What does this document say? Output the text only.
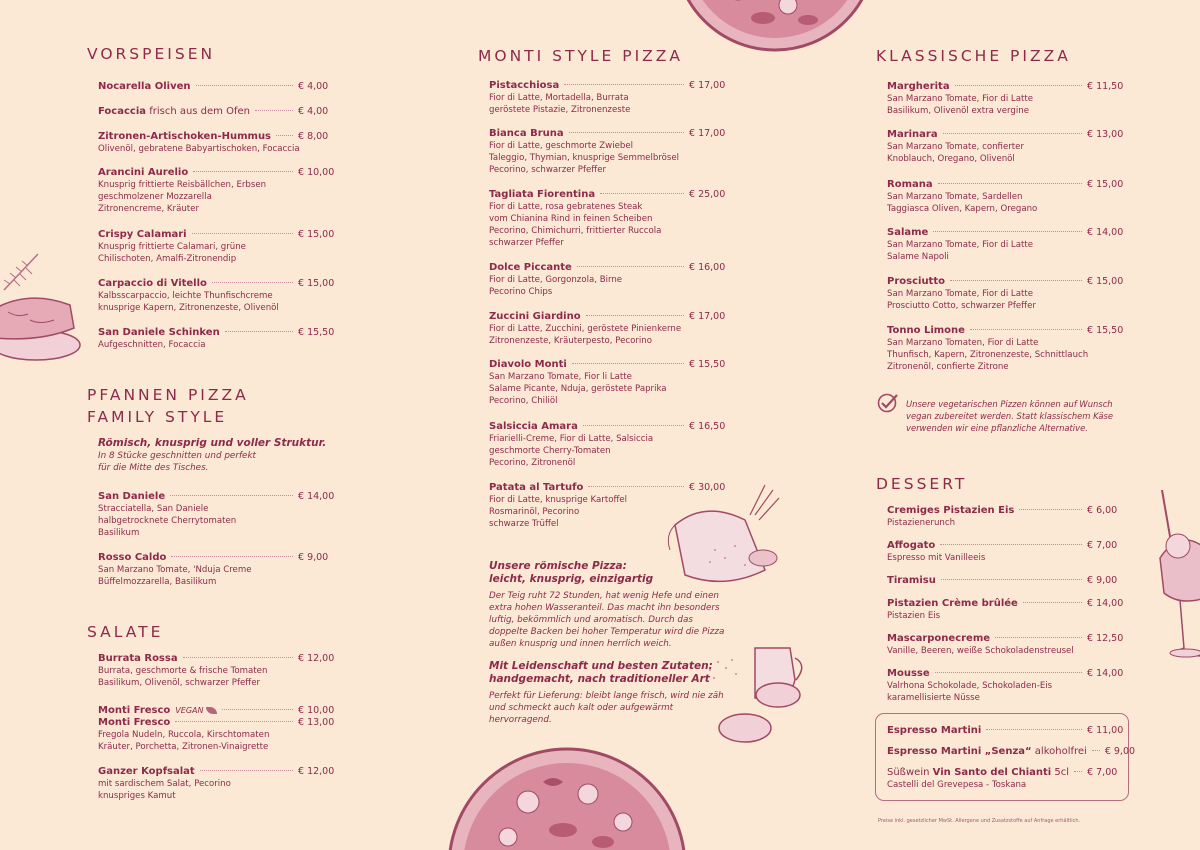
VORSPEISEN
Nocarella Oliven	€ 4,00
Focaccia frisch aus dem Ofen	€ 4,00
Zitronen-Artischoken-Hummus	€ 8,00
Olivenöl, gebratene Babyartischoken, Focaccia
Arancini Aurelio	€ 10,00
Knusprig frittierte Reisbällchen, Erbsen
geschmolzener Mozzarella
Zitronencreme, Kräuter
Crispy Calamari	€ 15,00
Knusprig frittierte Calamari, grüne
Chilischoten, Amalfi-Zitronendip
Carpaccio di Vitello	€ 15,00
Kalbsscarpaccio, leichte Thunfischcreme
knusprige Kapern, Zitronenzeste, Olivenöl
San Daniele Schinken	€ 15,50
Aufgeschnitten, Focaccia
PFANNEN PIZZA
FAMILY STYLE
Römisch, knusprig und voller Struktur.
In 8 Stücke geschnitten und perfekt
für die Mitte des Tisches.
San Daniele	€ 14,00
Stracciatella, San Daniele
halbgetrocknete Cherrytomaten
Basilikum
Rosso Caldo	€ 9,00
San Marzano Tomate, 'Nduja Creme
Büffelmozzarella, Basilikum
SALATE
Burrata Rossa	€ 12,00
Burrata, geschmorte & frische Tomaten
Basilikum, Olivenöl, schwarzer Pfeffer
Monti Fresco VEGAN	€ 10,00
Monti Fresco	€ 13,00
Fregola Nudeln, Ruccola, Kirschtomaten
Kräuter, Porchetta, Zitronen-Vinaigrette
Ganzer Kopfsalat	€ 12,00
mit sardischem Salat, Pecorino
knuspriges Kamut
MONTI STYLE PIZZA
Pistacchiosa	€ 17,00
Fior di Latte, Mortadella, Burrata
geröstete Pistazie, Zitronenzeste
Bianca Bruna	€ 17,00
Fior di Latte, geschmorte Zwiebel
Taleggio, Thymian, knusprige Semmelbrösel
Pecorino, schwarzer Pfeffer
Tagliata Fiorentina	€ 25,00
Fior di Latte, rosa gebratenes Steak
vom Chianina Rind in feinen Scheiben
Pecorino, Chimichurri, frittierter Ruccola
schwarzer Pfeffer
Dolce Piccante	€ 16,00
Fior di Latte, Gorgonzola, Birne
Pecorino Chips
Zuccini Giardino	€ 17,00
Fior di Latte, Zucchini, geröstete Pinienkerne
Zitronenzeste, Kräuterpesto, Pecorino
Diavolo Monti	€ 15,50
San Marzano Tomate, Fior li Latte
Salame Picante, Nduja, geröstete Paprika
Pecorino, Chiliöl
Salsiccia Amara	€ 16,50
Friarielli-Creme, Fior di Latte, Salsiccia
geschmorte Cherry-Tomaten
Pecorino, Zitronenöl
Patata al Tartufo	€ 30,00
Fior di Latte, knusprige Kartoffel
Rosmarinöl, Pecorino
schwarze Trüffel
Unsere römische Pizza:
leicht, knusprig, einzigartig
Der Teig ruht 72 Stunden, hat wenig Hefe und einen
extra hohen Wasseranteil. Das macht ihn besonders
luftig, bekömmlich und aromatisch. Durch das
doppelte Backen bei hoher Temperatur wird die Pizza
außen knusprig und innen herrlich weich.
Mit Leidenschaft und besten Zutaten:
handgemacht, nach traditioneller Art
Perfekt für Lieferung: bleibt lange frisch, wird nie zäh
und schmeckt auch kalt oder aufgewärmt
hervorragend.
KLASSISCHE PIZZA
Margherita	€ 11,50
San Marzano Tomate, Fior di Latte
Basilikum, Olivenöl extra vergine
Marinara	€ 13,00
San Marzano Tomate, confierter
Knoblauch, Oregano, Olivenöl
Romana	€ 15,00
San Marzano Tomate, Sardellen
Taggiasca Oliven, Kapern, Oregano
Salame	€ 14,00
San Marzano Tomate, Fior di Latte
Salame Napoli
Prosciutto	€ 15,00
San Marzano Tomate, Fior di Latte
Prosciutto Cotto, schwarzer Pfeffer
Tonno Limone	€ 15,50
San Marzano Tomaten, Fior di Latte
Thunfisch, Kapern, Zitronenzeste, Schnittlauch
Zitronenöl, confierte Zitrone
DESSERT
Cremiges Pistazien Eis	€ 6,00
Pistazienerunch
Affogato	€ 7,00
Espresso mit Vanilleeis
Tiramisu	€ 9,00
Pistazien Crème brûlée	€ 14,00
Pistazien Eis
Mascarponecreme	€ 12,50
Vanille, Beeren, weiße Schokoladenstreusel
Mousse	€ 14,00
Valrhona Schokolade, Schokoladen-Eis
karamellisierte Nüsse
Unsere vegetarischen Pizzen können auf Wunsch
vegan zubereitet werden. Statt klassischem Käse
verwenden wir eine pflanzliche Alternative.
Espresso Martini	€ 11,00
Espresso Martini „Senza“ alkoholfrei € 9,00
Süßwein Vin Santo del Chianti 5cl € 7,00
Castelli del Grevepesa - Toskana
Preise inkl. gesetzlicher MwSt. Allergene und Zusatzstoffe auf Anfrage erhältlich.
